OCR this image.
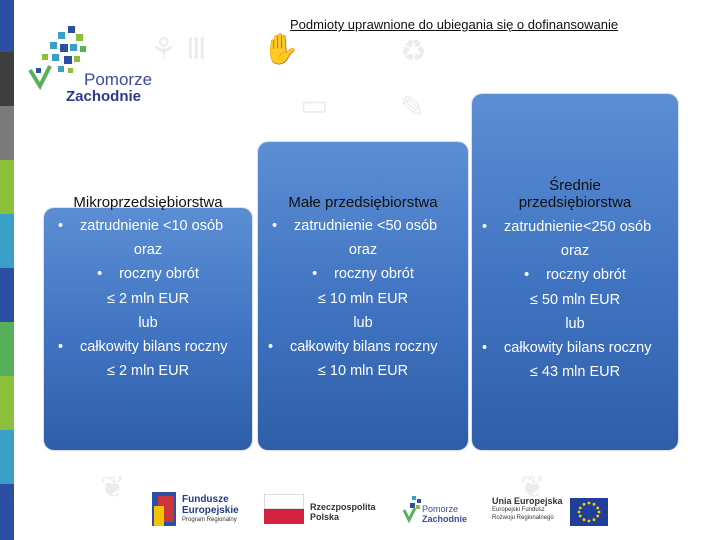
⚘ Ⅲ ✋	♻
▭ ✎
❦	❦
Podmioty uprawnione do ubiegania się o dofinansowanie
Pomorze
Zachodnie
Mikroprzedsiębiorstwa	Małe przedsiębiorstwa
Średnie
przedsiębiorstwa
• zatrudnienie <10 osób
oraz
• roczny obrót
≤ 2 mln EUR
lub
• całkowity bilans roczny
≤ 2 mln EUR
• zatrudnienie <50 osób
oraz
• roczny obrót
≤ 10 mln EUR
lub
• całkowity bilans roczny
≤ 10 mln EUR
• zatrudnienie<250 osób
oraz
• roczny obrót
≤ 50 mln EUR
lub
• całkowity bilans roczny
≤ 43 mln EUR
Fundusze
Europejskie
Program Regionalny
Rzeczpospolita
Polska
Pomorze
Zachodnie
Unia Europejska
Europejski Fundusz
Rozwoju Regionalnego
